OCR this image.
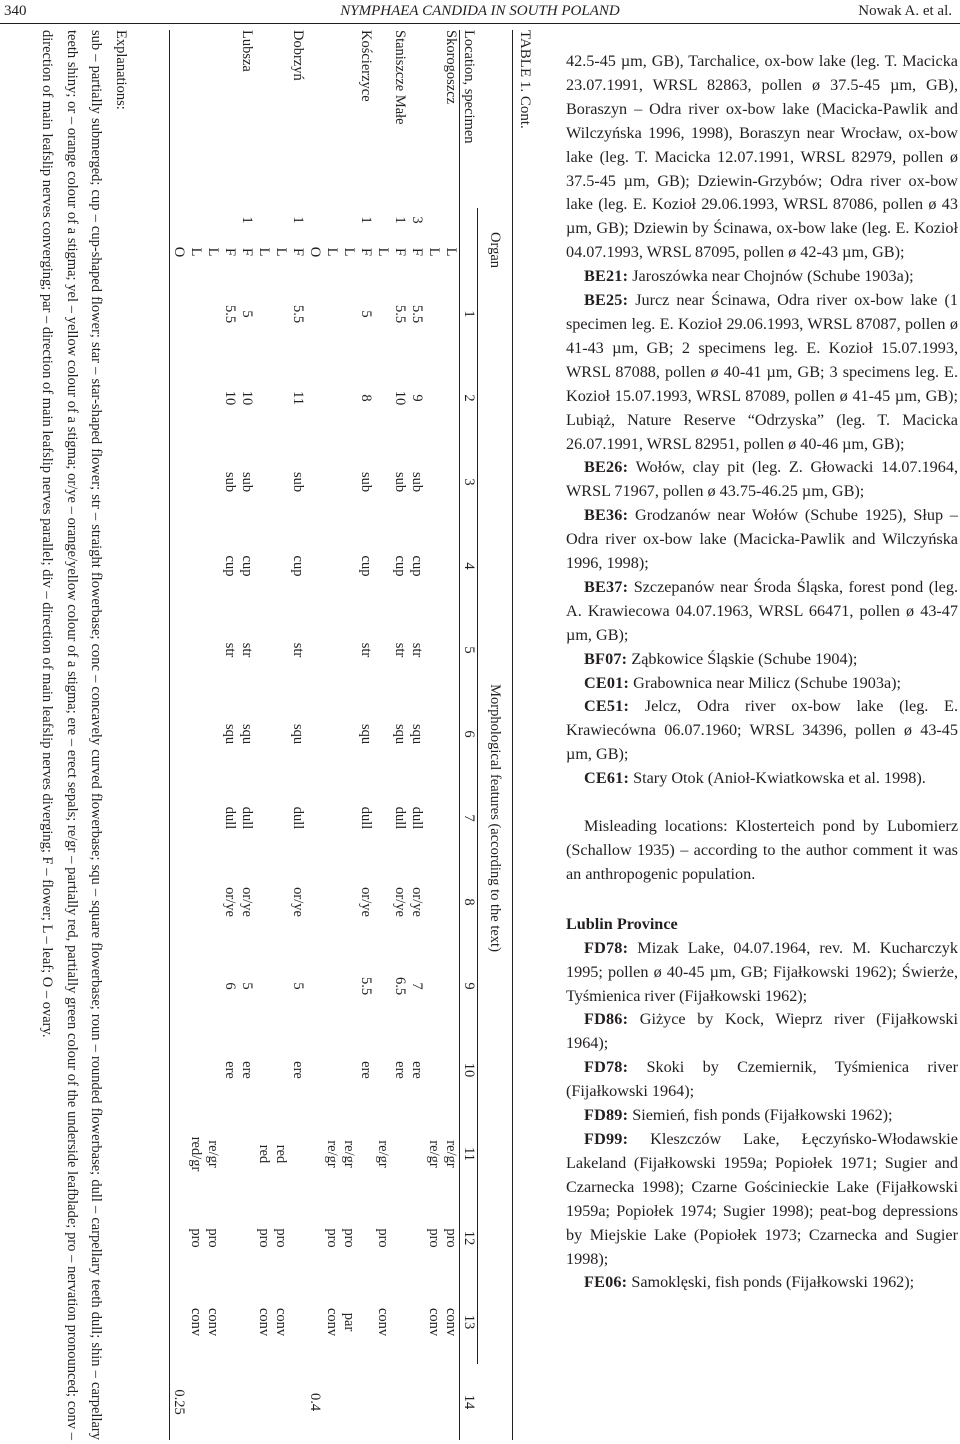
340	NYMPHAEA CANDIDA IN SOUTH POLAND	Nowak A. et al.
TABLE 1. Cont.
Location, specimen	Organ		Morphological features (according to the text)													
			1	2	3	4	5	6	7	8	9	10	11	12	13	14
Skorogoszcz		L											re/gr	pro	conv	
		L											re/gr	pro	conv	
	3	F	5.5	9	sub	cup	str	squ	dull	or/ye	7	ere				
Staniszcze Małe	1	F	5.5	10	sub	cup	str	squ	dull	or/ye	6.5	ere				
		L											re/gr	pro	conv	
Kościerzyce	1	F	5	8	sub	cup	str	squ	dull	or/ye	5.5	ere				
		L											re/gr	pro	par	
		L											re/gr	pro	conv	
		O														0.4
Dobrzyń	1	F	5.5	11	sub	cup	str	squ	dull	or/ye	5	ere				
		L											red	pro	conv	
		L											red	pro	conv	
Lubsza	1	F	5	10	sub	cup	str	squ	dull	or/ye	5	ere				
		F	5.5	10	sub	cup	str	squ	dull	or/ye	6	ere				
		L											re/gr	pro	conv	
		L											red/gr	pro	conv	
		O														0.25
Explanations:
sub – partially submerged; cup – cup-shaped flower; star – star-shaped flower; str – straight flowerbase; conc – concavely curved flowerbase; squ – square flowerbase; roun – rounded flowerbase; dull – carpellary teeth dull; shin – carpellary teeth shiny; or – orange colour of a stigma; yel – yellow colour of a stigma; or/ye – orange/yellow colour of a stigma; ere – erect sepals; re/gr – partially red, partially green colour of the underside leafblade; pro – nervation pronounced; conv – direction of main leafslip nerves converging; par – direction of main leafslip nerves parallel; div – direction of main leafslip nerves diverging; F – flower; L – leaf; O – ovary.	42.5-45 µm, GB), Tarchalice, ox-bow lake (leg. T. Macicka 23.07.1991, WRSL 82863, pollen ø 37.5-45 µm, GB), Boraszyn – Odra river ox-bow lake (Macicka-Pawlik and Wilczyńska 1996, 1998), Boraszyn near Wrocław, ox-bow lake (leg. T. Macicka 12.07.1991, WRSL 82979, pollen ø 37.5-45 µm, GB); Dziewin-Grzybów; Odra river ox-bow lake (leg. E. Kozioł 29.06.1993, WRSL 87086, pollen ø 43 µm, GB); Dziewin by Ścinawa, ox-bow lake (leg. E. Kozioł 04.07.1993, WRSL 87095, pollen ø 42-43 µm, GB);

BE21: Jaroszówka near Chojnów (Schube 1903a);

BE25: Jurcz near Ścinawa, Odra river ox-bow lake (1 specimen leg. E. Kozioł 29.06.1993, WRSL 87087, pollen ø 41-43 µm, GB; 2 specimens leg. E. Kozioł 15.07.1993, WRSL 87088, pollen ø 40-41 µm, GB; 3 specimens leg. E. Kozioł 15.07.1993, WRSL 87089, pollen ø 41-45 µm, GB); Lubiąż, Nature Reserve “Odrzyska” (leg. T. Macicka 26.07.1991, WRSL 82951, pollen ø 40-46 µm, GB);

BE26: Wołów, clay pit (leg. Z. Głowacki 14.07.1964, WRSL 71967, pollen ø 43.75-46.25 µm, GB);

BE36: Grodzanów near Wołów (Schube 1925), Słup – Odra river ox-bow lake (Macicka-Pawlik and Wilczyńska 1996, 1998);

BE37: Szczepanów near Środa Śląska, forest pond (leg. A. Krawiecowa 04.07.1963, WRSL 66471, pollen ø 43-47 µm, GB);

BF07: Ząbkowice Śląskie (Schube 1904);

CE01: Grabownica near Milicz (Schube 1903a);

CE51: Jelcz, Odra river ox-bow lake (leg. E. Krawiecówna 06.07.1960; WRSL 34396, pollen ø 43-45 µm, GB);

CE61: Stary Otok (Anioł-Kwiatkowska et al. 1998).

Misleading locations: Klosterteich pond by Lubomierz (Schallow 1935) – according to the author comment it was an anthropogenic population.

Lublin Province

FD78: Mizak Lake, 04.07.1964, rev. M. Kucharczyk 1995; pollen ø 40-45 µm, GB; Fijałkowski 1962); Świerże, Tyśmienica river (Fijałkowski 1962);

FD86: Giżyce by Kock, Wieprz river (Fijałkowski 1964);

FD78: Skoki by Czemiernik, Tyśmienica river (Fijałkowski 1964);

FD89: Siemień, fish ponds (Fijałkowski 1962);

FD99: Kleszczów Lake, Łęczyńsko-Włodawskie Lakeland (Fijałkowski 1959a; Popiołek 1971; Sugier and Czarnecka 1998); Czarne Gościnieckie Lake (Fijałkowski 1959a; Popiołek 1974; Sugier 1998); peat-bog depressions by Miejskie Lake (Popiołek 1973; Czarnecka and Sugier 1998);

FE06: Samoklęski, fish ponds (Fijałkowski 1962);
